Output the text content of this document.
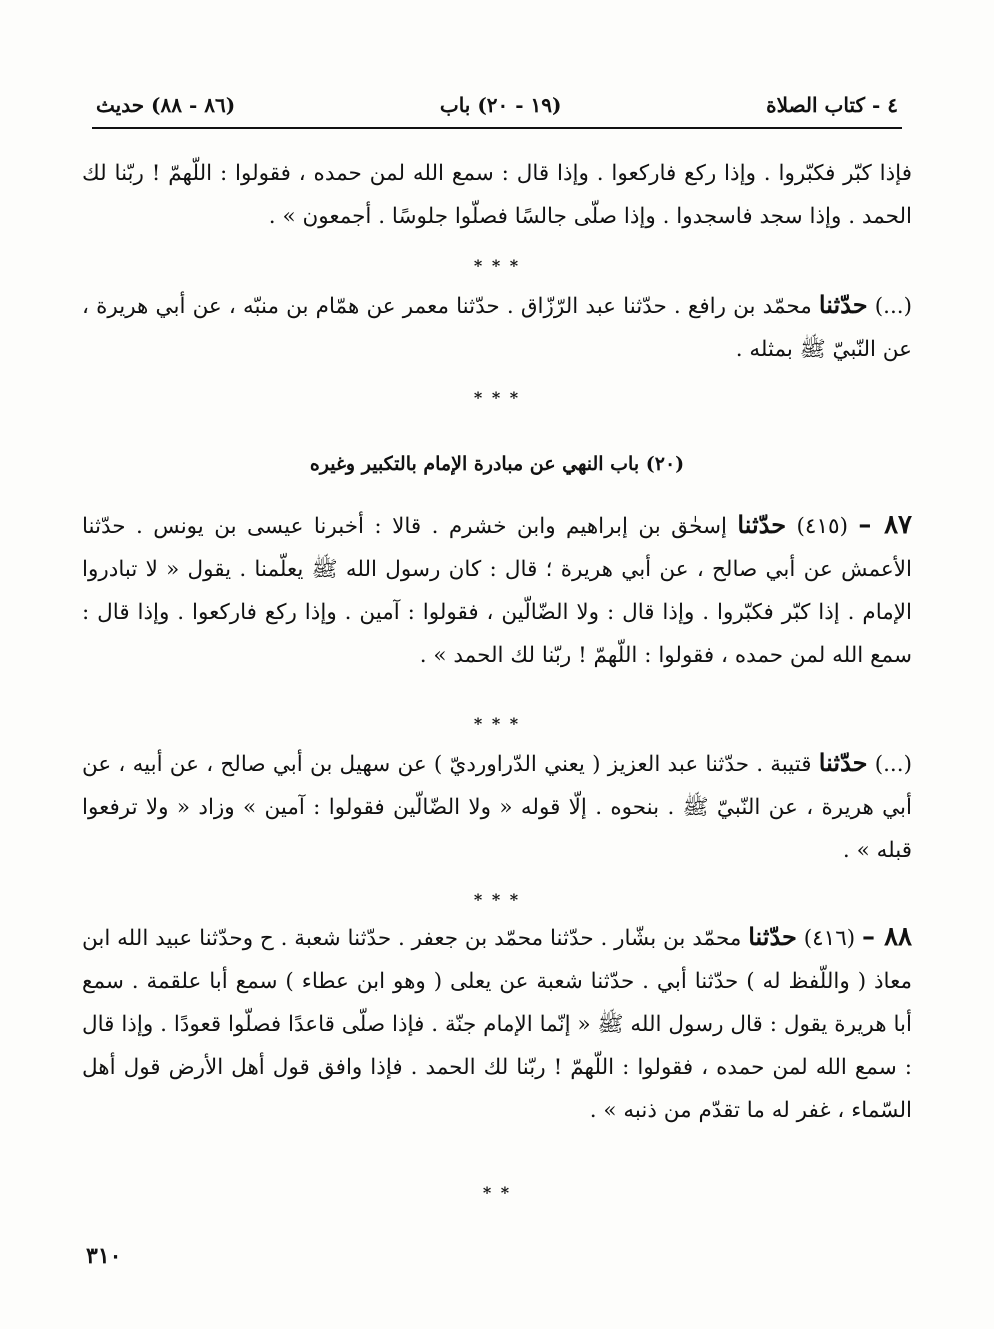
٤ - كتاب الصلاة
(١٩ - ٢٠) باب
(٨٦ - ٨٨) حديث
فإذا كبّر فكبّروا . وإذا ركع فاركعوا . وإذا قال : سمع الله لمن حمده ، فقولوا : اللّهمّ ! ربّنا لك الحمد . وإذا سجد فاسجدوا . وإذا صلّى جالسًا فصلّوا جلوسًا . أجمعون » .
* * *
(...) حدّثنا محمّد بن رافع . حدّثنا عبد الرّزّاق . حدّثنا معمر عن همّام بن منبّه ، عن أبي هريرة ، عن النّبيّ ﷺ بمثله .
* * *
(٢٠) باب النهي عن مبادرة الإمام بالتكبير وغيره
٨٧ – (٤١٥) حدّثنا إسحٰق بن إبراهيم وابن خشرم . قالا : أخبرنا عيسى بن يونس . حدّثنا الأعمش عن أبي صالح ، عن أبي هريرة ؛ قال : كان رسول الله ﷺ يعلّمنا . يقول « لا تبادروا الإمام . إذا كبّر فكبّروا . وإذا قال : ولا الضّالّين ، فقولوا : آمين . وإذا ركع فاركعوا . وإذا قال : سمع الله لمن حمده ، فقولوا : اللّهمّ ! ربّنا لك الحمد » .
* * *
(...) حدّثنا قتيبة . حدّثنا عبد العزيز ( يعني الدّراورديّ ) عن سهيل بن أبي صالح ، عن أبيه ، عن أبي هريرة ، عن النّبيّ ﷺ . بنحوه . إلّا قوله « ولا الضّالّين فقولوا : آمين » وزاد « ولا ترفعوا قبله » .
* * *
٨٨ – (٤١٦) حدّثنا محمّد بن بشّار . حدّثنا محمّد بن جعفر . حدّثنا شعبة . ح وحدّثنا عبيد الله ابن معاذ ( واللّفظ له ) حدّثنا أبي . حدّثنا شعبة عن يعلى ( وهو ابن عطاء ) سمع أبا علقمة . سمع أبا هريرة يقول : قال رسول الله ﷺ « إنّما الإمام جنّة . فإذا صلّى قاعدًا فصلّوا قعودًا . وإذا قال : سمع الله لمن حمده ، فقولوا : اللّهمّ ! ربّنا لك الحمد . فإذا وافق قول أهل الأرض قول أهل السّماء ، غفر له ما تقدّم من ذنبه » .
* *
٣١٠
